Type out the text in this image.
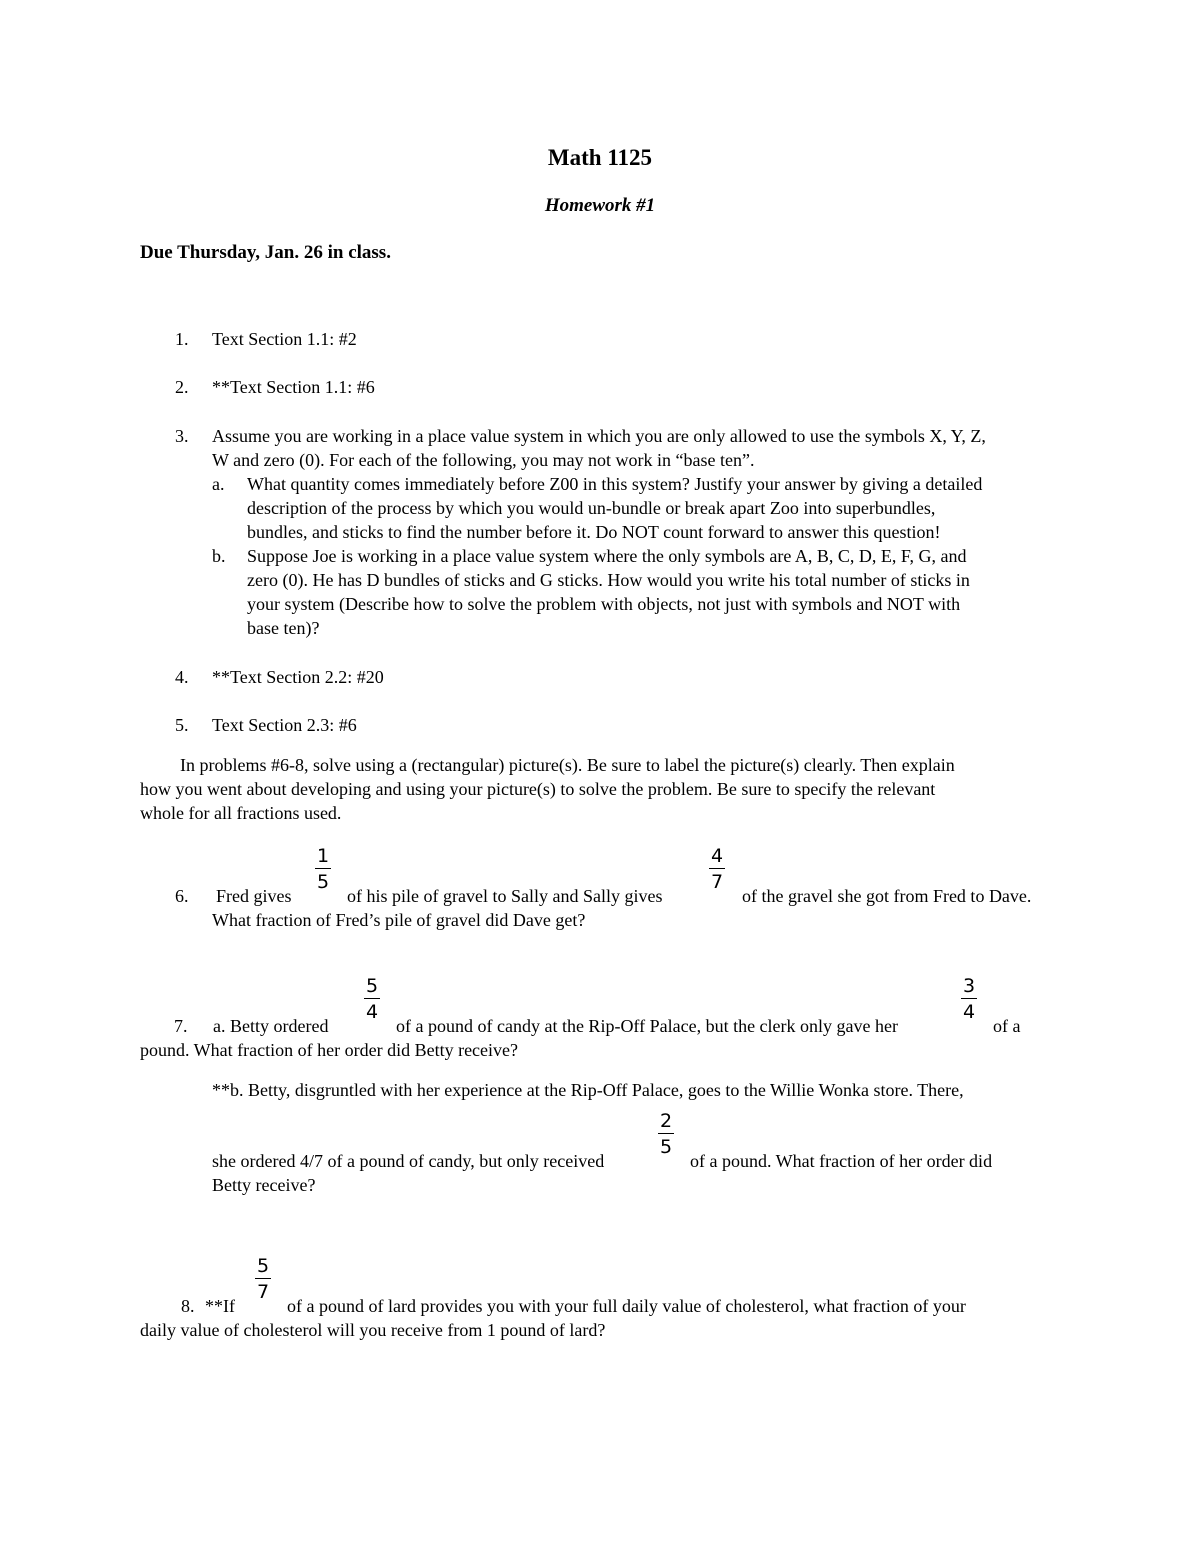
Math 1125
Homework #1
Due Thursday, Jan. 26 in class.
1. Text Section 1.1: #2
2. **Text Section 1.1: #6
3. Assume you are working in a place value system in which you are only allowed to use the symbols X, Y, Z,
W and zero (0). For each of the following, you may not work in “base ten”.
a. What quantity comes immediately before Z00 in this system? Justify your answer by giving a detailed
description of the process by which you would un-bundle or break apart Zoo into superbundles,
bundles, and sticks to find the number before it. Do NOT count forward to answer this question!
b. Suppose Joe is working in a place value system where the only symbols are A, B, C, D, E, F, G, and
zero (0). He has D bundles of sticks and G sticks. How would you write his total number of sticks in
your system (Describe how to solve the problem with objects, not just with symbols and NOT with
base ten)?
4. **Text Section 2.2: #20
5. Text Section 2.3: #6
In problems #6-8, solve using a (rectangular) picture(s). Be sure to label the picture(s) clearly. Then explain
how you went about developing and using your picture(s) to solve the problem. Be sure to specify the relevant
whole for all fractions used.
6. Fred gives
1
5
of his pile of gravel to Sally and Sally gives
4
7
of the gravel she got from Fred to Dave.
What fraction of Fred’s pile of gravel did Dave get?
7. a. Betty ordered
5
4
of a pound of candy at the Rip-Off Palace, but the clerk only gave her
3
4
of a
pound. What fraction of her order did Betty receive?
**b. Betty, disgruntled with her experience at the Rip-Off Palace, goes to the Willie Wonka store. There,
she ordered 4/7 of a pound of candy, but only received
2
5
of a pound. What fraction of her order did
Betty receive?
8. **If
5
7
of a pound of lard provides you with your full daily value of cholesterol, what fraction of your
daily value of cholesterol will you receive from 1 pound of lard?
